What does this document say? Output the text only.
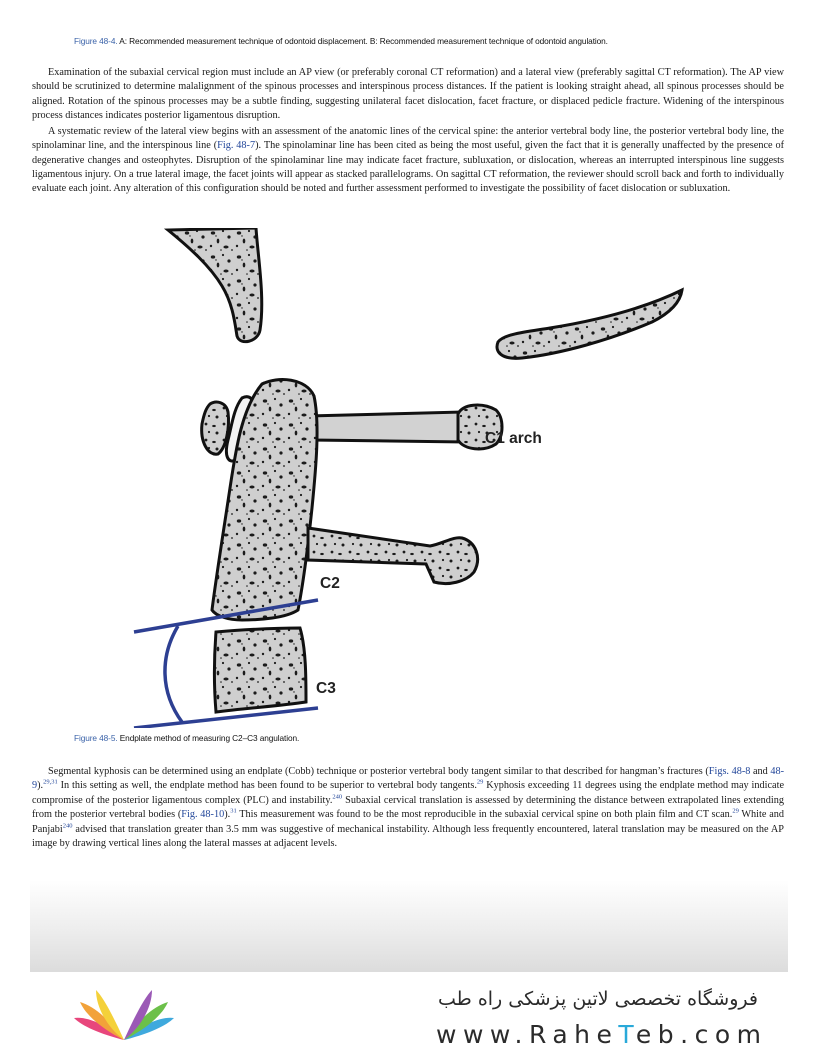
Figure 48-4. A: Recommended measurement technique of odontoid displacement. B: Recommended measurement technique of odontoid angulation.

Examination of the subaxial cervical region must include an AP view (or preferably coronal CT reformation) and a lateral view (preferably sagittal CT reformation). The AP view should be scrutinized to determine malalignment of the spinous processes and interspinous process distances. If the patient is looking straight ahead, all spinous processes should be aligned. Rotation of the spinous processes may be a subtle finding, suggesting unilateral facet dislocation, facet fracture, or displaced pedicle fracture. Widening of the interspinous process distances indicates posterior ligamentous disruption.

A systematic review of the lateral view begins with an assessment of the anatomic lines of the cervical spine: the anterior vertebral body line, the posterior vertebral body line, the spinolaminar line, and the interspinous line (Fig. 48-7). The spinolaminar line has been cited as being the most useful, given the fact that it is generally unaffected by the presence of degenerative changes and osteophytes. Disruption of the spinolaminar line may indicate facet fracture, subluxation, or dislocation, whereas an interrupted interspinous line suggests ligamentous injury. On a true lateral image, the facet joints will appear as stacked parallelograms. On sagittal CT reformation, the reviewer should scroll back and forth to individually evaluate each joint. Any alteration of this configuration should be noted and further assessment performed to investigate the possibility of facet dislocation or subluxation.

C1 arch
C2
C3
Figure 48-5. Endplate method of measuring C2–C3 angulation.

Segmental kyphosis can be determined using an endplate (Cobb) technique or posterior vertebral body tangent similar to that described for hangman’s fractures (Figs. 48-8 and 48-9).$^{29,31}$ In this setting as well, the endplate method has been found to be superior to vertebral body tangents.$^{29}$ Kyphosis exceeding 11 degrees using the endplate method may indicate compromise of the posterior ligamentous complex (PLC) and instability.$^{240}$ Subaxial cervical translation is assessed by determining the distance between extrapolated lines extending from the posterior vertebral bodies (Fig. 48-10).$^{31}$ This measurement was found to be the most reproducible in the subaxial cervical spine on both plain film and CT scan.$^{29}$ White and Panjabi$^{240}$ advised that translation greater than 3.5 mm was suggestive of mechanical instability. Although less frequently encountered, lateral translation may be measured on the AP image by drawing vertical lines along the lateral masses at adjacent levels.

فروشگاه تخصصی لاتین پزشکی راه طب
www.RaheTeb.com
